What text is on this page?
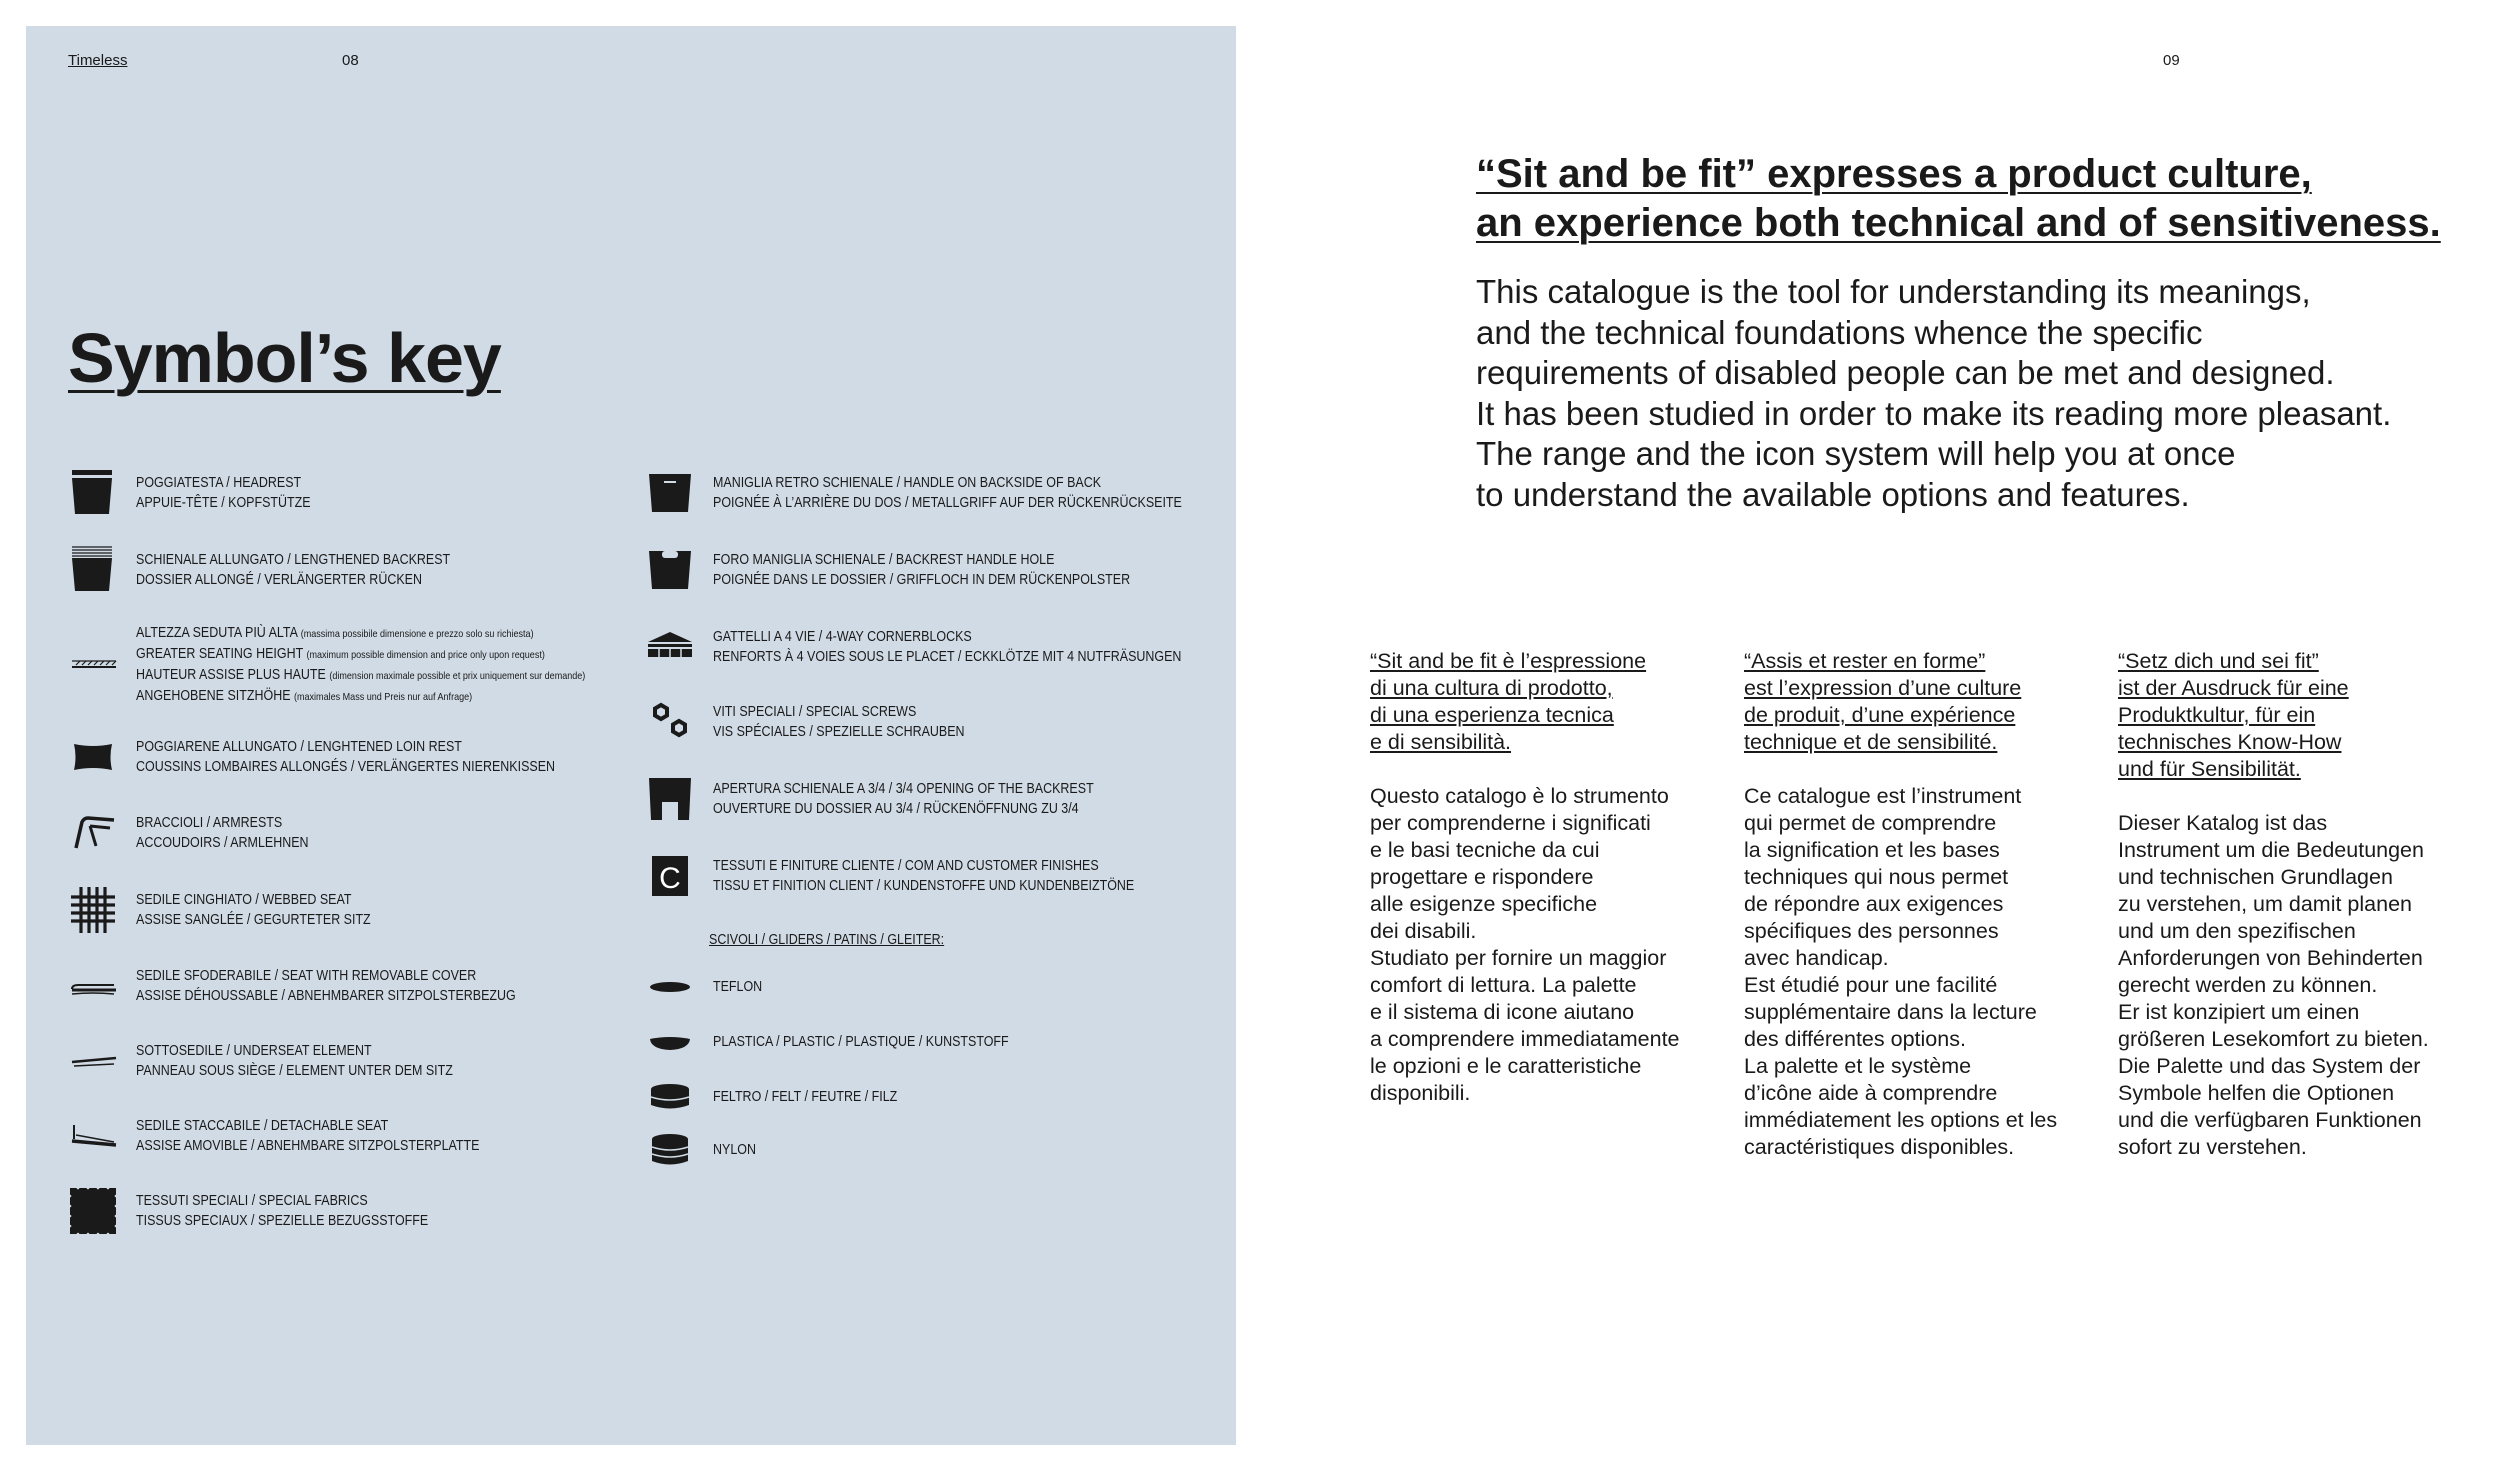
Timeless	08
Symbol’s key
POGGIATESTA / HEADREST
APPUIE-TÊTE / KOPFSTÜTZE
SCHIENALE ALLUNGATO / LENGTHENED BACKREST
DOSSIER ALLONGÉ / VERLÄNGERTER RÜCKEN
ALTEZZA SEDUTA PIÙ ALTA (massima possibile dimensione e prezzo solo su richiesta)
GREATER SEATING HEIGHT (maximum possible dimension and price only upon request)
HAUTEUR ASSISE PLUS HAUTE (dimension maximale possible et prix uniquement sur demande)
ANGEHOBENE SITZHÖHE (maximales Mass und Preis nur auf Anfrage)
POGGIARENE ALLUNGATO / LENGHTENED LOIN REST
COUSSINS LOMBAIRES ALLONGÉS / VERLÄNGERTES NIERENKISSEN
BRACCIOLI / ARMRESTS
ACCOUDOIRS / ARMLEHNEN
SEDILE CINGHIATO / WEBBED SEAT
ASSISE SANGLÉE / GEGURTETER SITZ
SEDILE SFODERABILE / SEAT WITH REMOVABLE COVER
ASSISE DÉHOUSSABLE / ABNEHMBARER SITZPOLSTERBEZUG
SOTTOSEDILE / UNDERSEAT ELEMENT
PANNEAU SOUS SIÈGE / ELEMENT UNTER DEM SITZ
SEDILE STACCABILE / DETACHABLE SEAT
ASSISE AMOVIBLE / ABNEHMBARE SITZPOLSTERPLATTE
TESSUTI SPECIALI / SPECIAL FABRICS
TISSUS SPECIAUX / SPEZIELLE BEZUGSSTOFFE
MANIGLIA RETRO SCHIENALE / HANDLE ON BACKSIDE OF BACK
POIGNÉE À L’ARRIÈRE DU DOS / METALLGRIFF AUF DER RÜCKENRÜCKSEITE
FORO MANIGLIA SCHIENALE / BACKREST HANDLE HOLE
POIGNÉE DANS LE DOSSIER / GRIFFLOCH IN DEM RÜCKENPOLSTER
GATTELLI A 4 VIE / 4-WAY CORNERBLOCKS
RENFORTS À 4 VOIES SOUS LE PLACET / ECKKLÖTZE MIT 4 NUTFRÄSUNGEN
VITI SPECIALI / SPECIAL SCREWS
VIS SPÉCIALES / SPEZIELLE SCHRAUBEN
APERTURA SCHIENALE A 3/4 / 3/4 OPENING OF THE BACKREST
OUVERTURE DU DOSSIER AU 3/4 / RÜCKENÖFFNUNG ZU 3/4
C TESSUTI E FINITURE CLIENTE / COM AND CUSTOMER FINISHES
TISSU ET FINITION CLIENT / KUNDENSTOFFE UND KUNDENBEIZTÖNE
SCIVOLI / GLIDERS / PATINS / GLEITER:
TEFLON
PLASTICA / PLASTIC / PLASTIQUE / KUNSTSTOFF
FELTRO / FELT / FEUTRE / FILZ
NYLON
09
“Sit and be fit” expresses a product culture,
an experience both technical and of sensitiveness.

This catalogue is the tool for understanding its meanings,
and the technical foundations whence the specific
requirements of disabled people can be met and designed.
It has been studied in order to make its reading more pleasant.
The range and the icon system will help you at once
to understand the available options and features.

“Sit and be fit è l’espressione
di una cultura di prodotto,
di una esperienza tecnica
e di sensibilità.

Questo catalogo è lo strumento
per comprenderne i significati
e le basi tecniche da cui
progettare e rispondere
alle esigenze specifiche
dei disabili.
Studiato per fornire un maggior
comfort di lettura. La palette
e il sistema di icone aiutano
a comprendere immediatamente
le opzioni e le caratteristiche
disponibili.

“Assis et rester en forme”
est l’expression d’une culture
de produit, d’une expérience
technique et de sensibilité.

Ce catalogue est l’instrument
qui permet de comprendre
la signification et les bases
techniques qui nous permet
de répondre aux exigences
spécifiques des personnes
avec handicap.
Est étudié pour une facilité
supplémentaire dans la lecture
des différentes options.
La palette et le système
d’icône aide à comprendre
immédiatement les options et les
caractéristiques disponibles.

“Setz dich und sei fit”
ist der Ausdruck für eine
Produktkultur, für ein
technisches Know-How
und für Sensibilität.

Dieser Katalog ist das
Instrument um die Bedeutungen
und technischen Grundlagen
zu verstehen, um damit planen
und um den spezifischen
Anforderungen von Behinderten
gerecht werden zu können.
Er ist konzipiert um einen
größeren Lesekomfort zu bieten.
Die Palette und das System der
Symbole helfen die Optionen
und die verfügbaren Funktionen
sofort zu verstehen.
